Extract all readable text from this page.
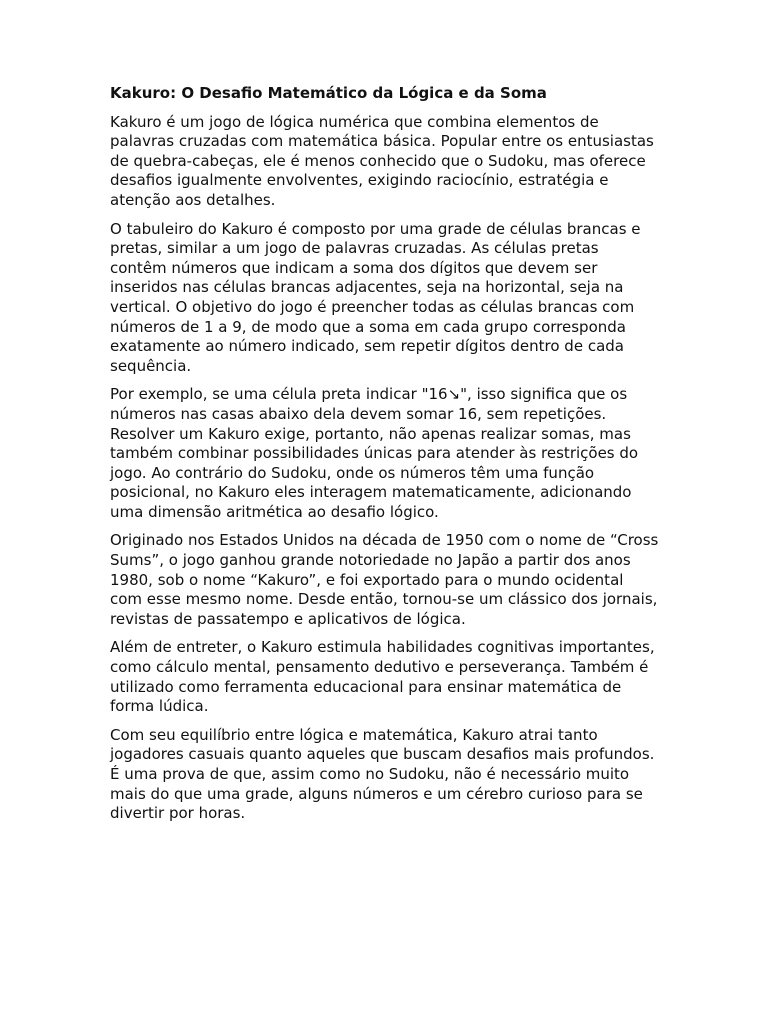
Kakuro: O Desafio Matemático da Lógica e da Soma

Kakuro é um jogo de lógica numérica que combina elementos de palavras cruzadas com matemática básica. Popular entre os entusiastas de quebra-cabeças, ele é menos conhecido que o Sudoku, mas oferece desafios igualmente envolventes, exigindo raciocínio, estratégia e atenção aos detalhes.

O tabuleiro do Kakuro é composto por uma grade de células brancas e pretas, similar a um jogo de palavras cruzadas. As células pretas contêm números que indicam a soma dos dígitos que devem ser inseridos nas células brancas adjacentes, seja na horizontal, seja na vertical. O objetivo do jogo é preencher todas as células brancas com números de 1 a 9, de modo que a soma em cada grupo corresponda exatamente ao número indicado, sem repetir dígitos dentro de cada sequência.

Por exemplo, se uma célula preta indicar "16↘", isso significa que os números nas casas abaixo dela devem somar 16, sem repetições. Resolver um Kakuro exige, portanto, não apenas realizar somas, mas também combinar possibilidades únicas para atender às restrições do jogo. Ao contrário do Sudoku, onde os números têm uma função posicional, no Kakuro eles interagem matematicamente, adicionando uma dimensão aritmética ao desafio lógico.

Originado nos Estados Unidos na década de 1950 com o nome de “Cross Sums”, o jogo ganhou grande notoriedade no Japão a partir dos anos 1980, sob o nome “Kakuro”, e foi exportado para o mundo ocidental com esse mesmo nome. Desde então, tornou-se um clássico dos jornais, revistas de passatempo e aplicativos de lógica.

Além de entreter, o Kakuro estimula habilidades cognitivas importantes, como cálculo mental, pensamento dedutivo e perseverança. Também é utilizado como ferramenta educacional para ensinar matemática de forma lúdica.

Com seu equilíbrio entre lógica e matemática, Kakuro atrai tanto jogadores casuais quanto aqueles que buscam desafios mais profundos. É uma prova de que, assim como no Sudoku, não é necessário muito mais do que uma grade, alguns números e um cérebro curioso para se divertir por horas.
